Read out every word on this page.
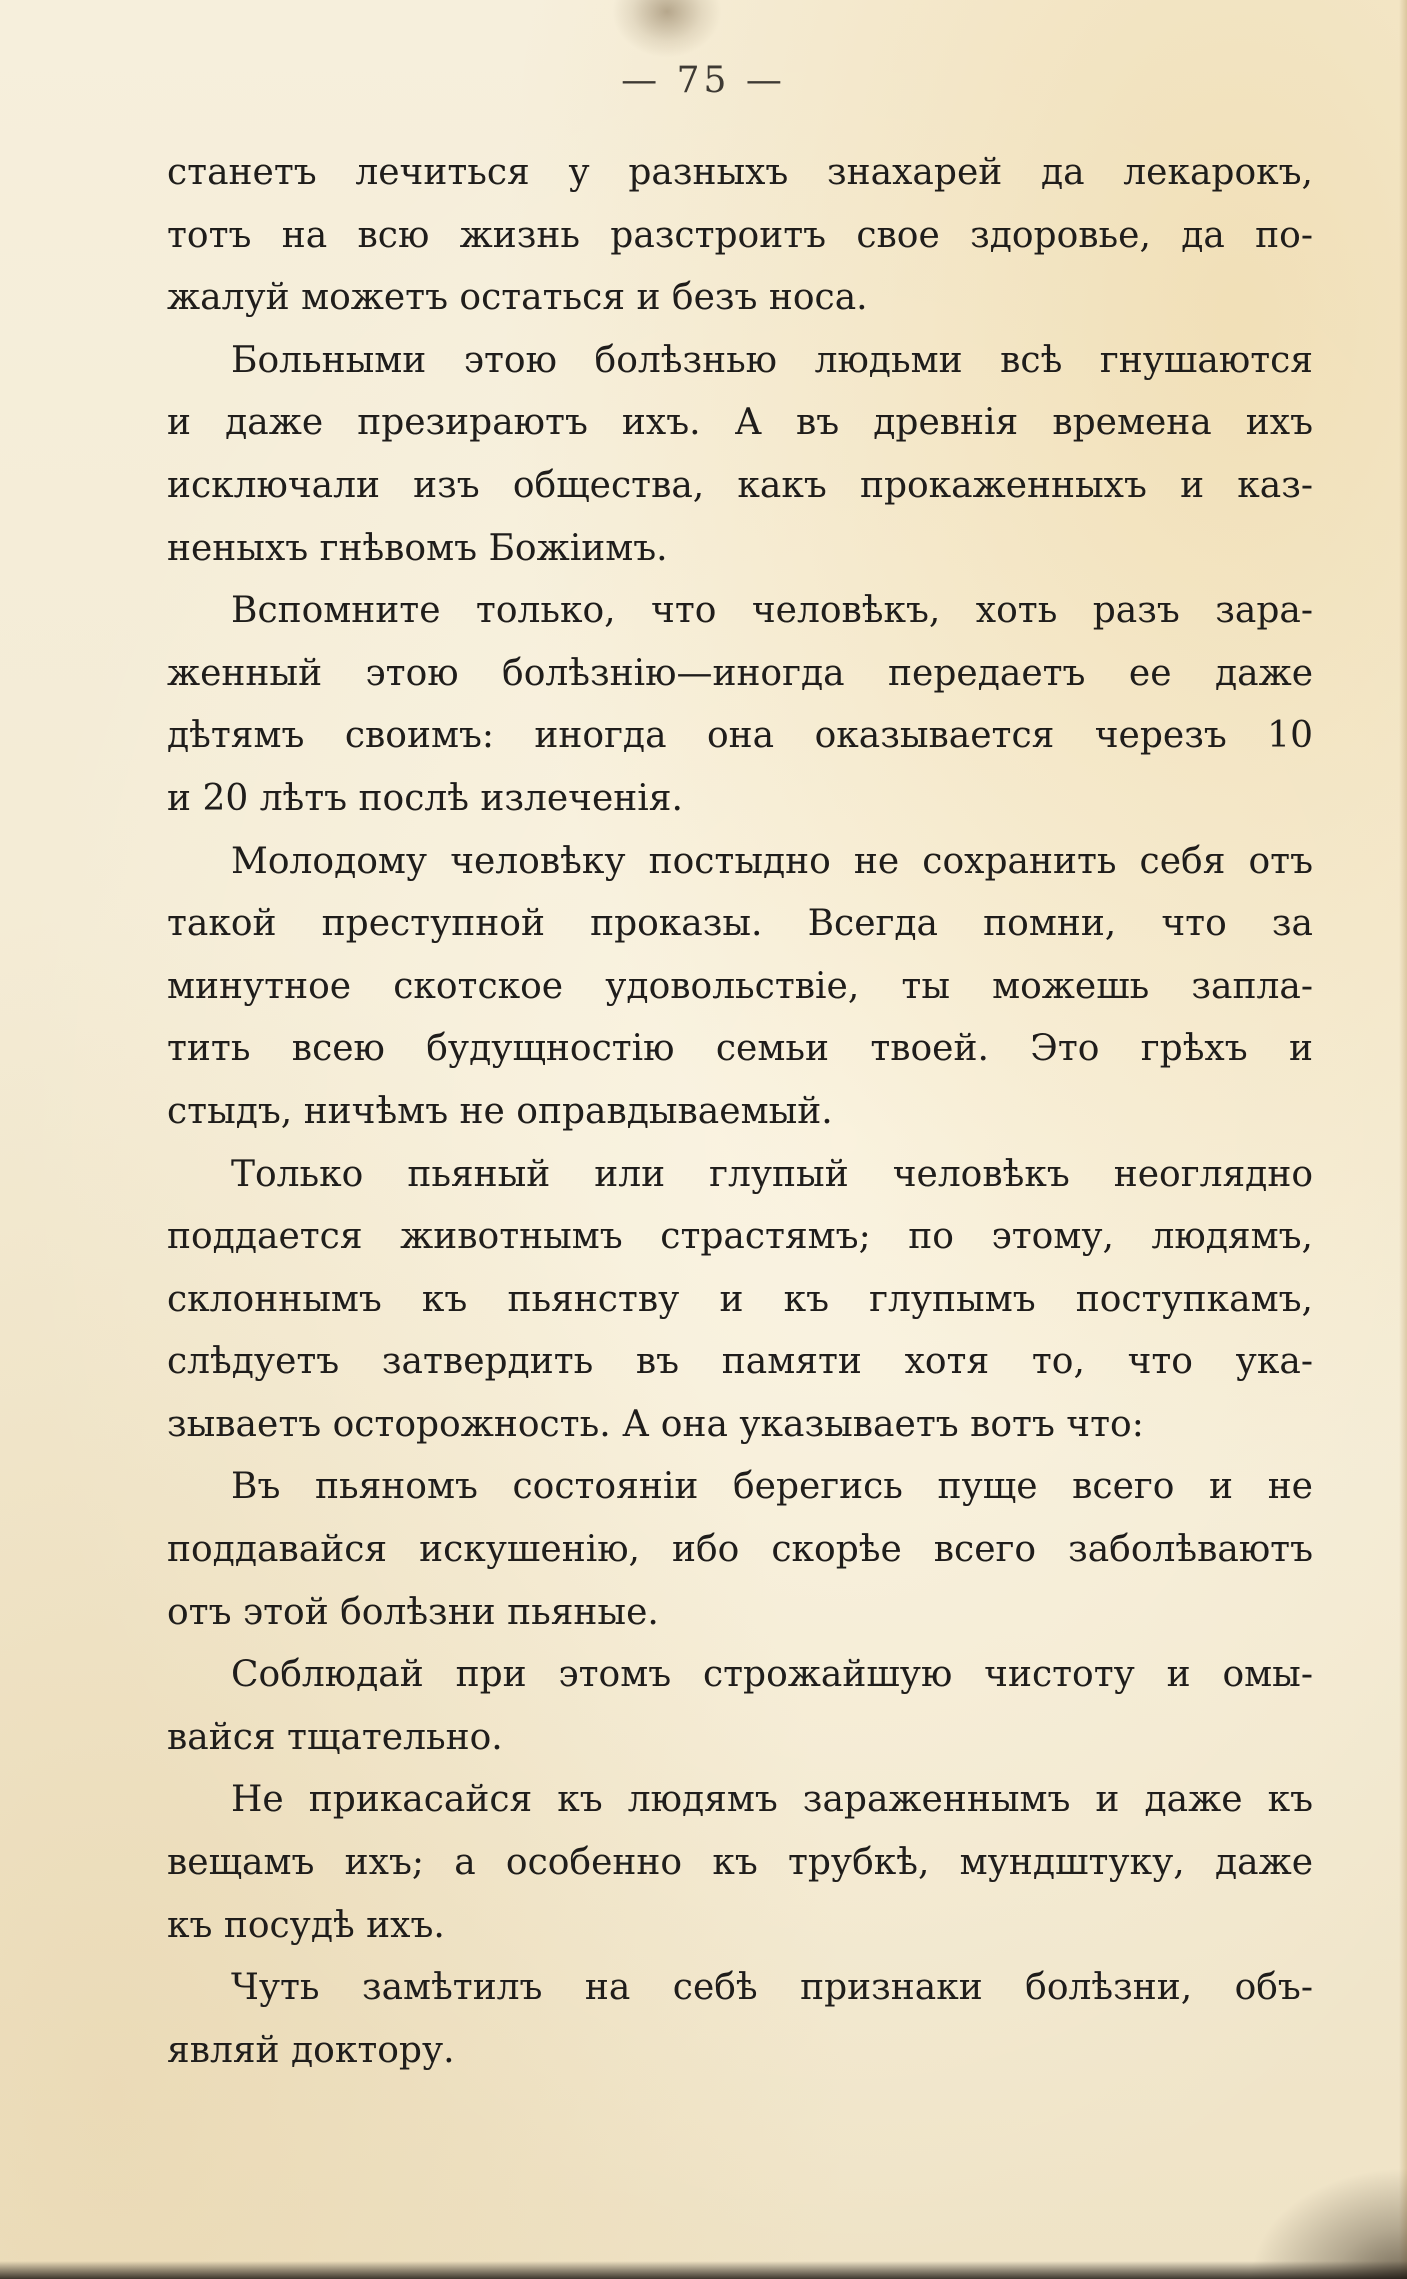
— 75 —
станетъ лечиться у разныхъ знахарей да лекарокъ,
тотъ на всю жизнь разстроитъ свое здоровье, да по-
жалуй можетъ остаться и безъ носа.
Больными этою болѣзнью людьми всѣ гнушаются
и даже презираютъ ихъ. А въ древнія времена ихъ
исключали изъ общества, какъ прокаженныхъ и каз-
неныхъ гнѣвомъ Божіимъ.
Вспомните только, что человѣкъ, хоть разъ зара-
женный этою болѣзнію—иногда передаетъ ее даже
дѣтямъ своимъ: иногда она оказывается черезъ 10
и 20 лѣтъ послѣ излеченія.
Молодому человѣку постыдно не сохранить себя отъ
такой преступной проказы. Всегда помни, что за
минутное скотское удовольствіе, ты можешь запла-
тить всею будущностію семьи твоей. Это грѣхъ и
стыдъ, ничѣмъ не оправдываемый.
Только пьяный или глупый человѣкъ неоглядно
поддается животнымъ страстямъ; по этому, людямъ,
склоннымъ къ пьянству и къ глупымъ поступкамъ,
слѣдуетъ затвердить въ памяти хотя то, что ука-
зываетъ осторожность. А она указываетъ вотъ что:
Въ пьяномъ состояніи берегись пуще всего и не
поддавайся искушенію, ибо скорѣе всего заболѣваютъ
отъ этой болѣзни пьяные.
Соблюдай при этомъ строжайшую чистоту и омы-
вайся тщательно.
Не прикасайся къ людямъ зараженнымъ и даже къ
вещамъ ихъ; а особенно къ трубкѣ, мундштуку, даже
къ посудѣ ихъ.
Чуть замѣтилъ на себѣ признаки болѣзни, объ-
являй доктору.
